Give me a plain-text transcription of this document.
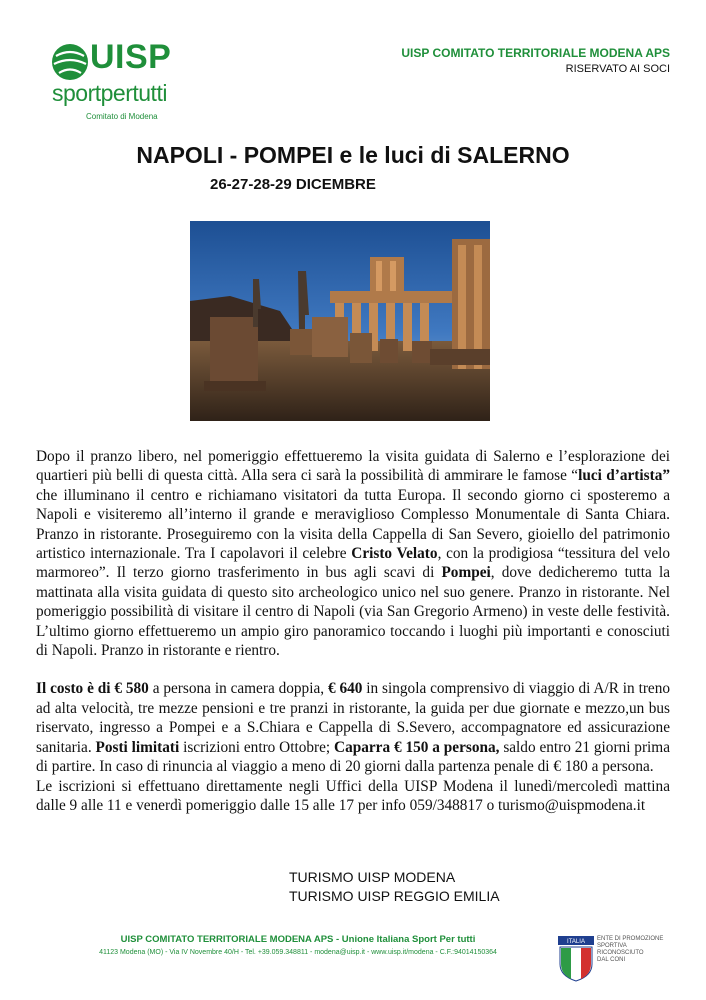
UISP
sportpertutti
Comitato di Modena
UISP COMITATO TERRITORIALE MODENA APS
RISERVATO AI SOCI
NAPOLI - POMPEI e le luci di SALERNO
26-27-28-29 DICEMBRE

Dopo il pranzo libero, nel pomeriggio effettueremo la visita guidata di Salerno e l’esplorazione dei quartieri più belli di questa città. Alla sera ci sarà la possibilità di ammirare le famose “luci d’artista” che illuminano il centro e richiamano visitatori da tutta Europa. Il secondo giorno ci sposteremo a Napoli e visiteremo all’interno il grande e meraviglioso Complesso Monumentale di Santa Chiara. Pranzo in ristorante. Proseguiremo con la visita della Cappella di San Severo, gioiello del patrimonio artistico internazionale. Tra I capolavori il celebre Cristo Velato, con la prodigiosa “tessitura del velo marmoreo”. Il terzo giorno trasferimento in bus agli scavi di Pompei, dove dedicheremo tutta la mattinata alla visita guidata di questo sito archeologico unico nel suo genere. Pranzo in ristorante. Nel pomeriggio possibilità di visitare il centro di Napoli (via San Gregorio Armeno) in veste delle festività. L’ultimo giorno effettueremo un ampio giro panoramico toccando i luoghi più importanti e conosciuti di Napoli. Pranzo in ristorante e rientro.

Il costo è di € 580 a persona in camera doppia, € 640 in singola comprensivo di viaggio di A/R in treno ad alta velocità, tre mezze pensioni e tre pranzi in ristorante, la guida per due giornate e mezzo,un bus riservato, ingresso a Pompei e a S.Chiara e Cappella di S.Severo, accompagnatore ed assicurazione sanitaria. Posti limitati iscrizioni entro Ottobre; Caparra € 150 a persona, saldo entro 21 giorni prima di partire. In caso di rinuncia al viaggio a meno di 20 giorni dalla partenza penale di € 180 a persona.

Le iscrizioni si effettuano direttamente negli Uffici della UISP Modena il lunedì/mercoledì mattina dalle 9 alle 11 e venerdì pomeriggio dalle 15 alle 17 per info 059/348817 o turismo@uispmodena.it

TURISMO UISP MODENA
TURISMO UISP REGGIO EMILIA
UISP COMITATO TERRITORIALE MODENA APS - Unione Italiana Sport Per tutti
41123 Modena (MO) - Via IV Novembre 40/H - Tel. +39.059.348811 - modena@uisp.it - www.uisp.it/modena - C.F.:94014150364
ITALIA ENTE DI PROMOZIONE
SPORTIVA
RICONOSCIUTO
DAL CONI
